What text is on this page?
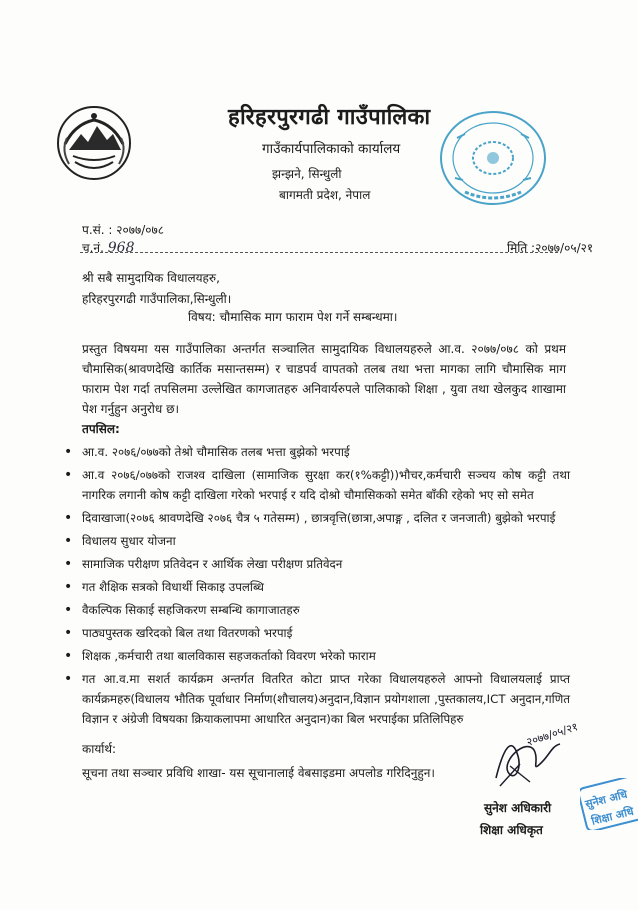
हरिहरपुरगढी गाउँपालिका
गाउँकार्यपालिकाको कार्यालय
झन्झने, सिन्धुली
बागमती प्रदेश, नेपाल
प.सं. : २०७७/०७८
च.नं. 968	मिति :२०७७/०५/२१
श्री सबै सामुदायिक विधालयहरु,
हरिहरपुरगढी गाउँपालिका,सिन्धुली।
विषय: चौमासिक माग फाराम पेश गर्ने सम्बन्धमा।
प्रस्तुत विषयमा यस गाउँपालिका अन्तर्गत सञ्चालित सामुदायिक विधालयहरुले आ.व. २०७७/०७८ को प्रथम चौमासिक(श्रावणदेखि कार्तिक मसान्तसम्म) र चाडपर्व वापतको तलब तथा भत्ता मागका लागि चौमासिक माग फाराम पेश गर्दा तपसिलमा उल्लेखित कागजातहरु अनिवार्यरुपले पालिकाको शिक्षा , युवा तथा खेलकुद शाखामा पेश गर्नुहुन अनुरोध छ।
तपसिल:
• आ.व. २०७६/०७७को तेश्रो चौमासिक तलब भत्ता बुझेको भरपाई
• आ.व २०७६/०७७को राजश्व दाखिला (सामाजिक सुरक्षा कर(१%कट्टी))भौचर,कर्मचारी सञ्चय कोष कट्टी तथा नागरिक लगानी कोष कट्टी दाखिला गरेको भरपाई र यदि दोश्रो चौमासिकको समेत बाँकी रहेको भए सो समेत
• दिवाखाजा(२०७६ श्रावणदेखि २०७६ चैत्र ५ गतेसम्म) , छात्रवृत्ति(छात्रा,अपाङ्ग , दलित र जनजाती) बुझेको भरपाई
• विधालय सुधार योजना
• सामाजिक परीक्षण प्रतिवेदन र आर्थिक लेखा परीक्षण प्रतिवेदन
• गत शैक्षिक सत्रको विधार्थी सिकाइ उपलब्धि
• वैकल्पिक सिकाई सहजिकरण सम्बन्धि कागाजातहरु
• पाठ्यपुस्तक खरिदको बिल तथा वितरणको भरपाई
• शिक्षक ,कर्मचारी तथा बालविकास सहजकर्ताको विवरण भरेको फाराम
• गत आ.व.मा सशर्त कार्यक्रम अन्तर्गत वितरित कोटा प्राप्त गरेका विधालयहरुले आफ्नो विधालयलाई प्राप्त कार्यक्रमहरु(विधालय भौतिक पूर्वाधार निर्माण(शौचालय)अनुदान,विज्ञान प्रयोगशाला ,पुस्तकालय,ICT अनुदान,गणित विज्ञान र अंग्रेजी विषयका क्रियाकलापमा आधारित अनुदान)का बिल भरपाईका प्रतिलिपिहरु
कार्यार्थ:
सूचना तथा सञ्चार प्रविधि शाखा- यस सूचानालाई वेबसाइडमा अपलोड गरिदिनुहुन।
२०७७/०५/२१
सुनेश अधिकारी
शिक्षा अधिकृत
सुनेश अधि
शिक्षा अधि
